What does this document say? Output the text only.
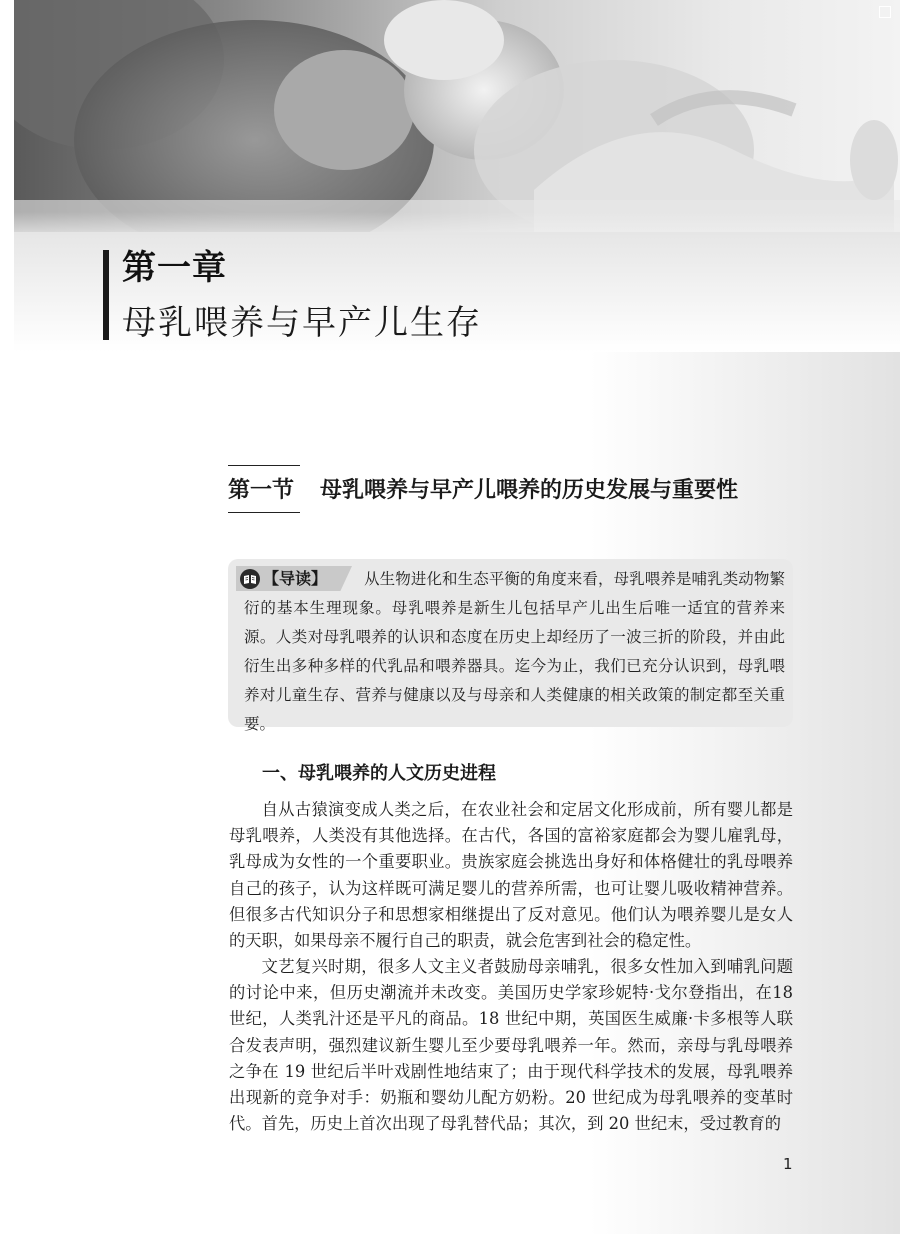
第一章
母乳喂养与早产儿生存
第一节 母乳喂养与早产儿喂养的历史发展与重要性
【导读】	从生物进化和生态平衡的角度来看，母乳喂养是哺乳类动物繁衍的基本生理现象。母乳喂养是新生儿包括早产儿出生后唯一适宜的营养来源。人类对母乳喂养的认识和态度在历史上却经历了一波三折的阶段，并由此衍生出多种多样的代乳品和喂养器具。迄今为止，我们已充分认识到，母乳喂养对儿童生存、营养与健康以及与母亲和人类健康的相关政策的制定都至关重要。

一、母乳喂养的人文历史进程

自从古猿演变成人类之后，在农业社会和定居文化形成前，所有婴儿都是母乳喂养，人类没有其他选择。在古代，各国的富裕家庭都会为婴儿雇乳母，乳母成为女性的一个重要职业。贵族家庭会挑选出身好和体格健壮的乳母喂养自己的孩子，认为这样既可满足婴儿的营养所需，也可让婴儿吸收精神营养。但很多古代知识分子和思想家相继提出了反对意见。他们认为喂养婴儿是女人的天职，如果母亲不履行自己的职责，就会危害到社会的稳定性。

文艺复兴时期，很多人文主义者鼓励母亲哺乳，很多女性加入到哺乳问题的讨论中来，但历史潮流并未改变。美国历史学家珍妮特·戈尔登指出，在18 世纪，人类乳汁还是平凡的商品。18 世纪中期，英国医生威廉·卡多根等人联合发表声明，强烈建议新生婴儿至少要母乳喂养一年。然而，亲母与乳母喂养之争在 19 世纪后半叶戏剧性地结束了；由于现代科学技术的发展，母乳喂养出现新的竞争对手：奶瓶和婴幼儿配方奶粉。20 世纪成为母乳喂养的变革时代。首先，历史上首次出现了母乳替代品；其次，到 20 世纪末，受过教育的

1
